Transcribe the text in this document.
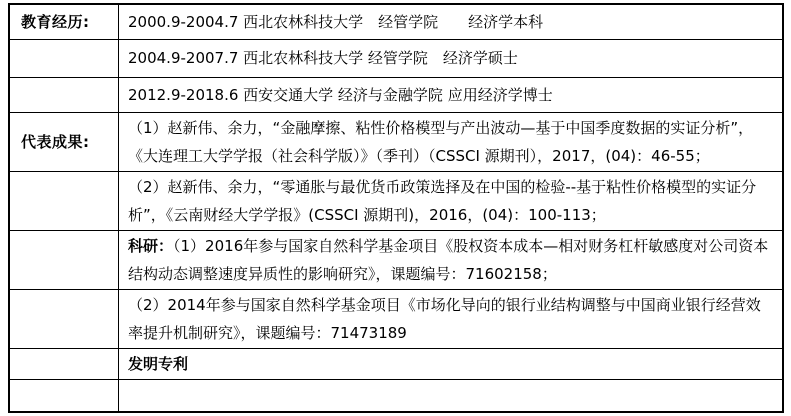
教育经历:	2000.9-2004.7 西北农林科技大学　经管学院　　经济学本科
	2004.9-2007.7 西北农林科技大学 经管学院　经济学硕士
	2012.9-2018.6 西安交通大学 经济与金融学院 应用经济学博士
代表成果:	（1）赵新伟、余力，“金融摩擦、粘性价格模型与产出波动—基于中国季度数据的实证分析”，《大连理工大学学报（社会科学版）》（季刊）（CSSCI 源期刊），2017，(04)：46-55；
	（2）赵新伟、余力，“零通胀与最优货币政策选择及在中国的检验--基于粘性价格模型的实证分析”，《云南财经大学学报》(CSSCI 源期刊)，2016，(04)：100-113；
	科研：（1）2016年参与国家自然科学基金项目《股权资本成本—相对财务杠杆敏感度对公司资本结构动态调整速度异质性的影响研究》，课题编号：71602158；
	（2）2014年参与国家自然科学基金项目《市场化导向的银行业结构调整与中国商业银行经营效率提升机制研究》，课题编号：71473189
	发明专利
